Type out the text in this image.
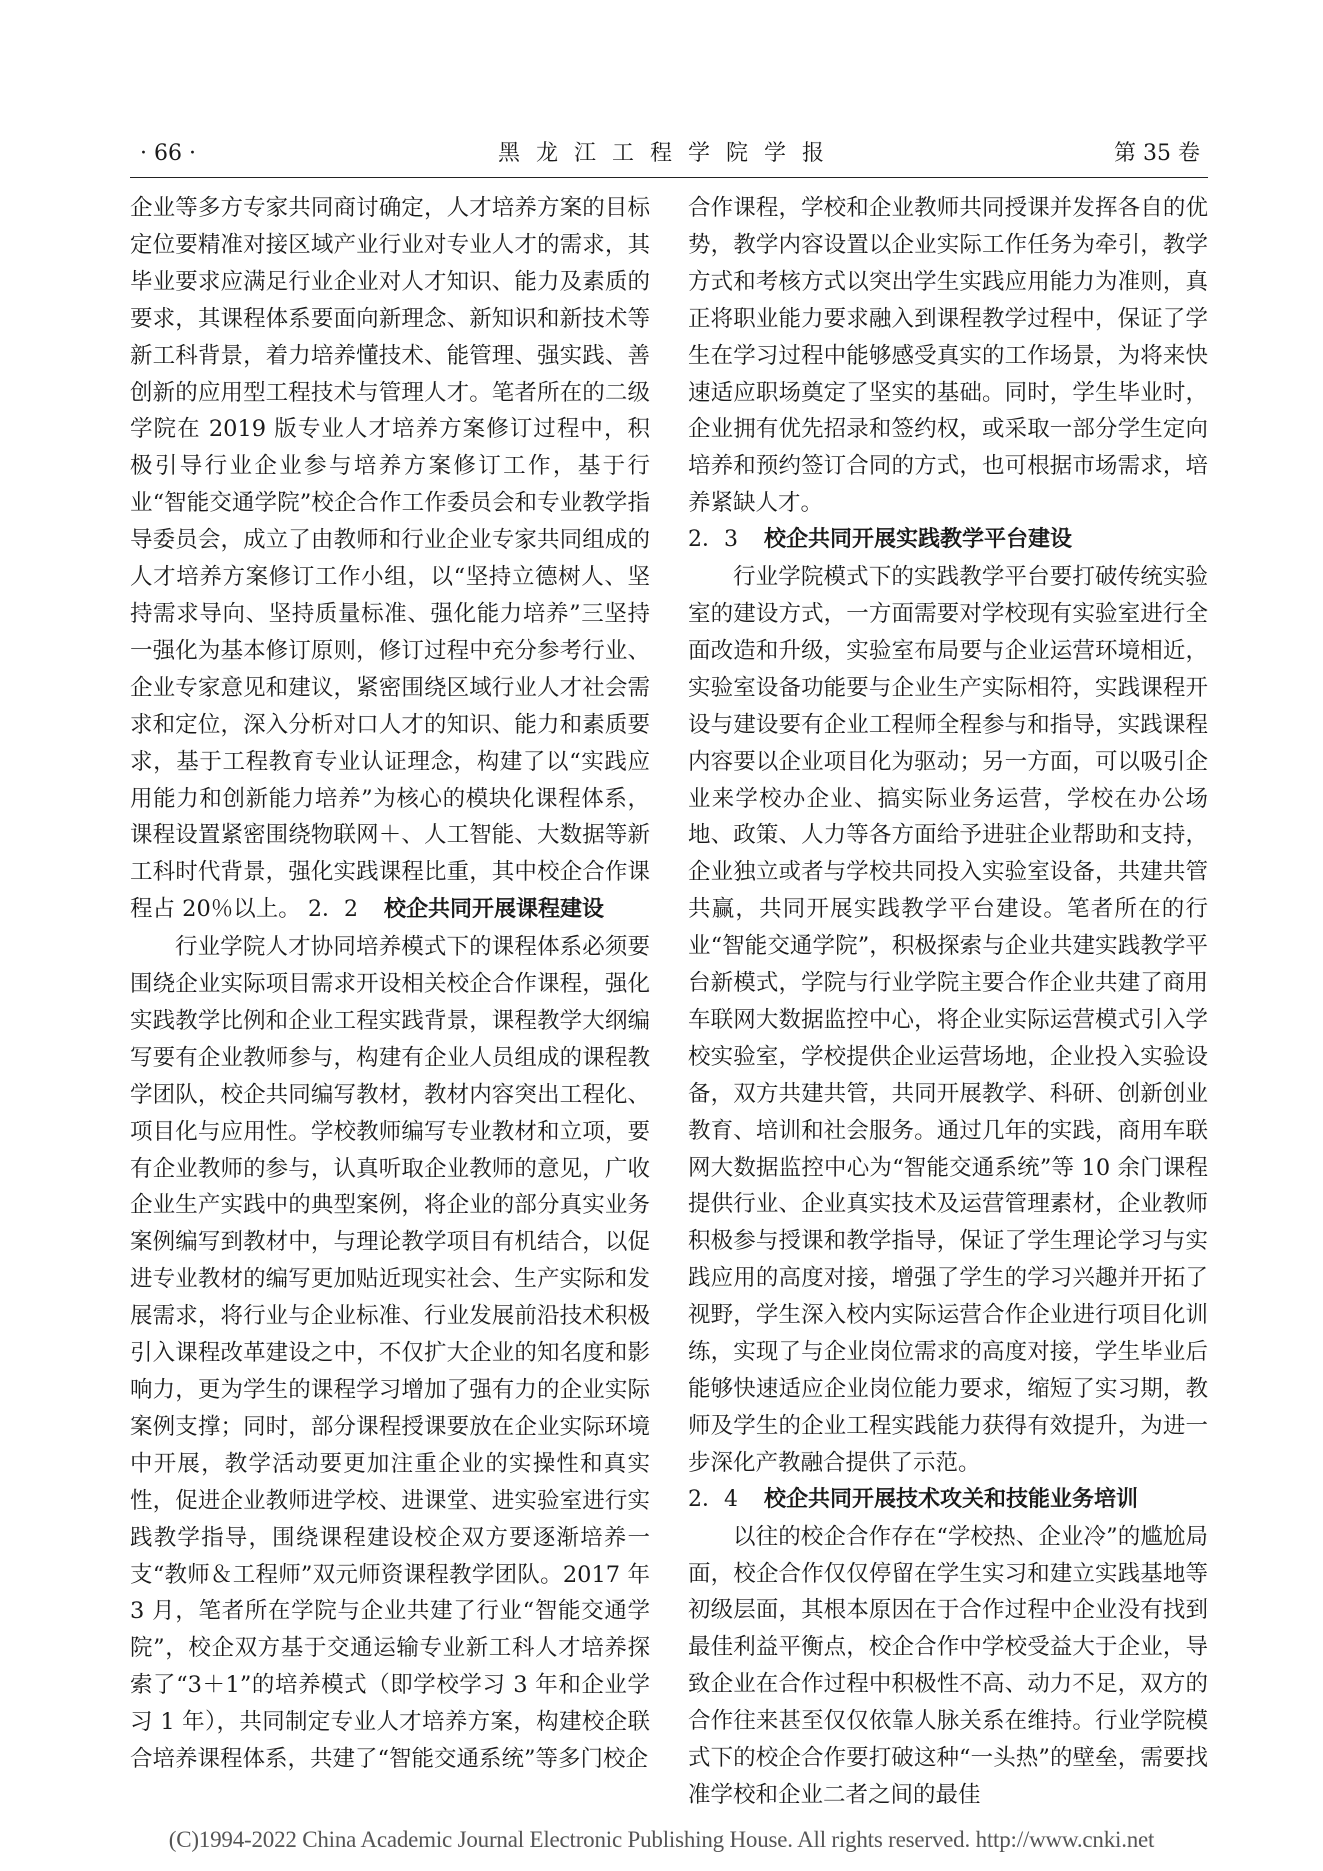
· 66 ·	黑龙江工程学院学报	第 35 卷

企业等多方专家共同商讨确定，人才培养方案的目标定位要精准对接区域产业行业对专业人才的需求，其毕业要求应满足行业企业对人才知识、能力及素质的要求，其课程体系要面向新理念、新知识和新技术等新工科背景，着力培养懂技术、能管理、强实践、善创新的应用型工程技术与管理人才。笔者所在的二级学院在 2019 版专业人才培养方案修订过程中，积极引导行业企业参与培养方案修订工作，基于行业“智能交通学院”校企合作工作委员会和专业教学指导委员会，成立了由教师和行业企业专家共同组成的人才培养方案修订工作小组，以“坚持立德树人、坚持需求导向、坚持质量标准、强化能力培养”三坚持一强化为基本修订原则，修订过程中充分参考行业、企业专家意见和建议，紧密围绕区域行业人才社会需求和定位，深入分析对口人才的知识、能力和素质要求，基于工程教育专业认证理念，构建了以“实践应用能力和创新能力培养”为核心的模块化课程体系，课程设置紧密围绕物联网＋、人工智能、大数据等新工科时代背景，强化实践课程比重，其中校企合作课程占 20％以上。 2．2 校企共同开展课程建设

行业学院人才协同培养模式下的课程体系必须要围绕企业实际项目需求开设相关校企合作课程，强化实践教学比例和企业工程实践背景，课程教学大纲编写要有企业教师参与，构建有企业人员组成的课程教学团队，校企共同编写教材，教材内容突出工程化、项目化与应用性。学校教师编写专业教材和立项，要有企业教师的参与，认真听取企业教师的意见，广收企业生产实践中的典型案例，将企业的部分真实业务案例编写到教材中，与理论教学项目有机结合，以促进专业教材的编写更加贴近现实社会、生产实际和发展需求，将行业与企业标准、行业发展前沿技术积极引入课程改革建设之中，不仅扩大企业的知名度和影响力，更为学生的课程学习增加了强有力的企业实际案例支撑；同时，部分课程授课要放在企业实际环境中开展，教学活动要更加注重企业的实操性和真实性，促进企业教师进学校、进课堂、进实验室进行实践教学指导，围绕课程建设校企双方要逐渐培养一支“教师＆工程师”双元师资课程教学团队。2017 年 3 月，笔者所在学院与企业共建了行业“智能交通学院”，校企双方基于交通运输专业新工科人才培养探索了“3＋1”的培养模式（即学校学习 3 年和企业学习 1 年），共同制定专业人才培养方案，构建校企联合培养课程体系，共建了“智能交通系统”等多门校企

合作课程，学校和企业教师共同授课并发挥各自的优势，教学内容设置以企业实际工作任务为牵引，教学方式和考核方式以突出学生实践应用能力为准则，真正将职业能力要求融入到课程教学过程中，保证了学生在学习过程中能够感受真实的工作场景，为将来快速适应职场奠定了坚实的基础。同时，学生毕业时，企业拥有优先招录和签约权，或采取一部分学生定向培养和预约签订合同的方式，也可根据市场需求，培养紧缺人才。

2．3 校企共同开展实践教学平台建设

行业学院模式下的实践教学平台要打破传统实验室的建设方式，一方面需要对学校现有实验室进行全面改造和升级，实验室布局要与企业运营环境相近，实验室设备功能要与企业生产实际相符，实践课程开设与建设要有企业工程师全程参与和指导，实践课程内容要以企业项目化为驱动；另一方面，可以吸引企业来学校办企业、搞实际业务运营，学校在办公场地、政策、人力等各方面给予进驻企业帮助和支持，企业独立或者与学校共同投入实验室设备，共建共管共赢，共同开展实践教学平台建设。笔者所在的行业“智能交通学院”，积极探索与企业共建实践教学平台新模式，学院与行业学院主要合作企业共建了商用车联网大数据监控中心，将企业实际运营模式引入学校实验室，学校提供企业运营场地，企业投入实验设备，双方共建共管，共同开展教学、科研、创新创业教育、培训和社会服务。通过几年的实践，商用车联网大数据监控中心为“智能交通系统”等 10 余门课程提供行业、企业真实技术及运营管理素材，企业教师积极参与授课和教学指导，保证了学生理论学习与实践应用的高度对接，增强了学生的学习兴趣并开拓了视野，学生深入校内实际运营合作企业进行项目化训练，实现了与企业岗位需求的高度对接，学生毕业后能够快速适应企业岗位能力要求，缩短了实习期，教师及学生的企业工程实践能力获得有效提升，为进一步深化产教融合提供了示范。

2．4 校企共同开展技术攻关和技能业务培训

以往的校企合作存在“学校热、企业冷”的尴尬局面，校企合作仅仅停留在学生实习和建立实践基地等初级层面，其根本原因在于合作过程中企业没有找到最佳利益平衡点，校企合作中学校受益大于企业，导致企业在合作过程中积极性不高、动力不足，双方的合作往来甚至仅仅依靠人脉关系在维持。行业学院模式下的校企合作要打破这种“一头热”的壁垒，需要找准学校和企业二者之间的最佳

(C)1994-2022 China Academic Journal Electronic Publishing House. All rights reserved. http://www.cnki.net
